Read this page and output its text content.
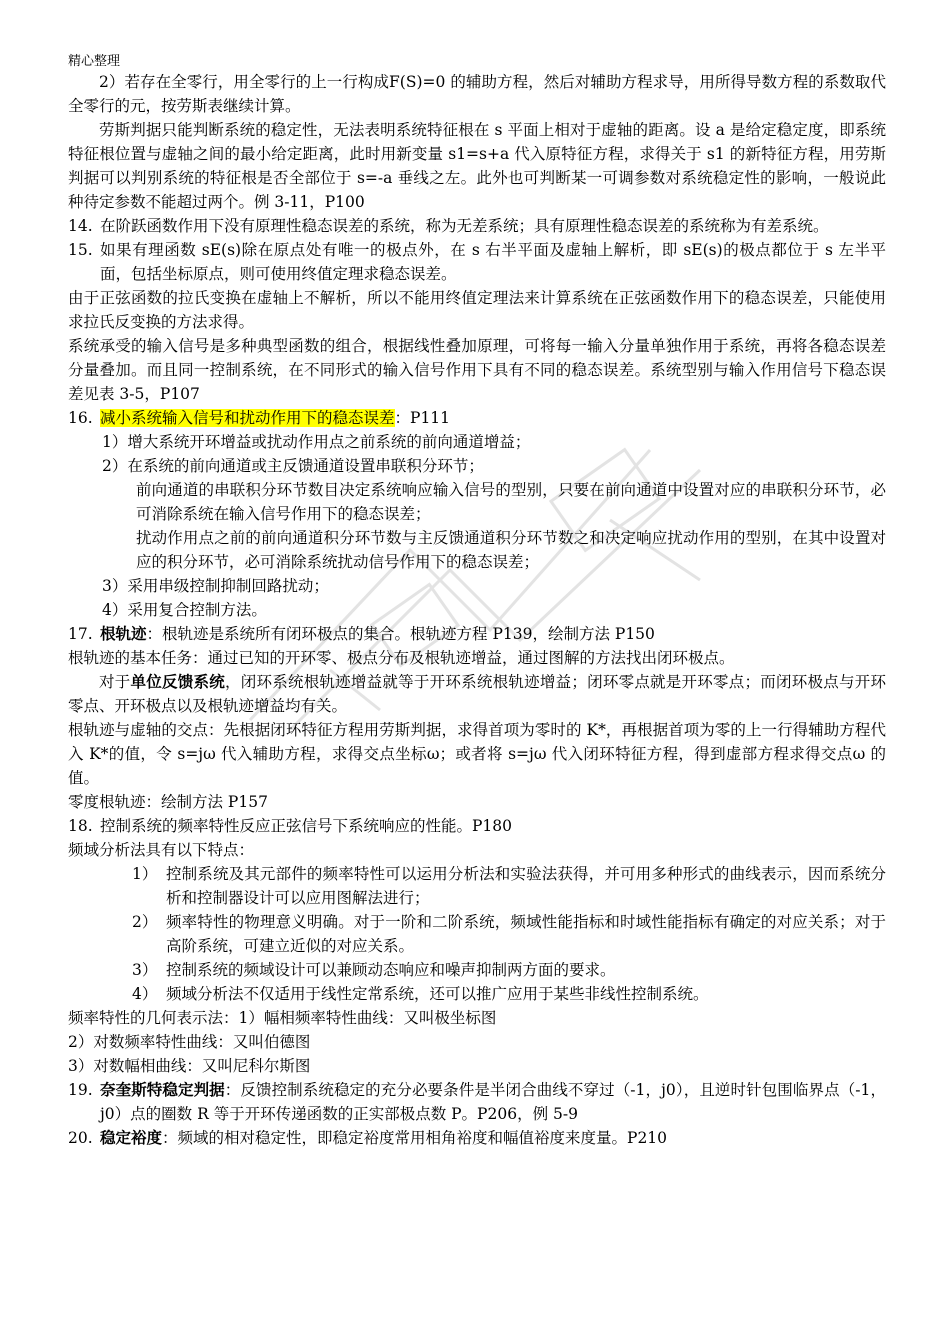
精心整理

2）若存在全零行，用全零行的上一行构成F(S)=0 的辅助方程，然后对辅助方程求导，用所得导数方程的系数取代全零行的元，按劳斯表继续计算。

劳斯判据只能判断系统的稳定性，无法表明系统特征根在 s 平面上相对于虚轴的距离。设 a 是给定稳定度，即系统特征根位置与虚轴之间的最小给定距离，此时用新变量 s1=s+a 代入原特征方程，求得关于 s1 的新特征方程，用劳斯判据可以判别系统的特征根是否全部位于 s=-a 垂线之左。此外也可判断某一可调参数对系统稳定性的影响，一般说此种待定参数不能超过两个。例 3-11，P100

14. 在阶跃函数作用下没有原理性稳态误差的系统，称为无差系统；具有原理性稳态误差的系统称为有差系统。
15. 如果有理函数 sE(s)除在原点处有唯一的极点外，在 s 右半平面及虚轴上解析，即 sE(s)的极点都位于 s 左半平面，包括坐标原点，则可使用终值定理求稳态误差。

由于正弦函数的拉氏变换在虚轴上不解析，所以不能用终值定理法来计算系统在正弦函数作用下的稳态误差，只能使用求拉氏反变换的方法求得。

系统承受的输入信号是多种典型函数的组合，根据线性叠加原理，可将每一输入分量单独作用于系统，再将各稳态误差分量叠加。而且同一控制系统，在不同形式的输入信号作用下具有不同的稳态误差。系统型别与输入作用信号下稳态误差见表 3-5，P107

16. 减小系统输入信号和扰动作用下的稳态误差：P111
1）增大系统开环增益或扰动作用点之前系统的前向通道增益；
2）在系统的前向通道或主反馈通道设置串联积分环节；
前向通道的串联积分环节数目决定系统响应输入信号的型别，只要在前向通道中设置对应的串联积分环节，必可消除系统在输入信号作用下的稳态误差；
扰动作用点之前的前向通道积分环节数与主反馈通道积分环节数之和决定响应扰动作用的型别，在其中设置对应的积分环节，必可消除系统扰动信号作用下的稳态误差；
3）采用串级控制抑制回路扰动；
4）采用复合控制方法。
17. 根轨迹：根轨迹是系统所有闭环极点的集合。根轨迹方程 P139，绘制方法 P150

根轨迹的基本任务：通过已知的开环零、极点分布及根轨迹增益，通过图解的方法找出闭环极点。

对于单位反馈系统，闭环系统根轨迹增益就等于开环系统根轨迹增益；闭环零点就是开环零点；而闭环极点与开环零点、开环极点以及根轨迹增益均有关。

根轨迹与虚轴的交点：先根据闭环特征方程用劳斯判据，求得首项为零时的 K*，再根据首项为零的上一行得辅助方程代入 K*的值，令 s=jω 代入辅助方程，求得交点坐标ω；或者将 s=jω 代入闭环特征方程，得到虚部方程求得交点ω 的值。

零度根轨迹：绘制方法 P157

18. 控制系统的频率特性反应正弦信号下系统响应的性能。P180

频域分析法具有以下特点：

1） 控制系统及其元部件的频率特性可以运用分析法和实验法获得，并可用多种形式的曲线表示，因而系统分析和控制器设计可以应用图解法进行；
2） 频率特性的物理意义明确。对于一阶和二阶系统，频域性能指标和时域性能指标有确定的对应关系；对于高阶系统，可建立近似的对应关系。
3） 控制系统的频域设计可以兼顾动态响应和噪声抑制两方面的要求。
4） 频域分析法不仅适用于线性定常系统，还可以推广应用于某些非线性控制系统。

频率特性的几何表示法：1）幅相频率特性曲线：又叫极坐标图

2）对数频率特性曲线：又叫伯德图

3）对数幅相曲线：又叫尼科尔斯图

19. 奈奎斯特稳定判据：反馈控制系统稳定的充分必要条件是半闭合曲线不穿过（-1，j0），且逆时针包围临界点（-1，j0）点的圈数 R 等于开环传递函数的正实部极点数 P。P206，例 5-9
20. 稳定裕度：频域的相对稳定性，即稳定裕度常用相角裕度和幅值裕度来度量。P210
